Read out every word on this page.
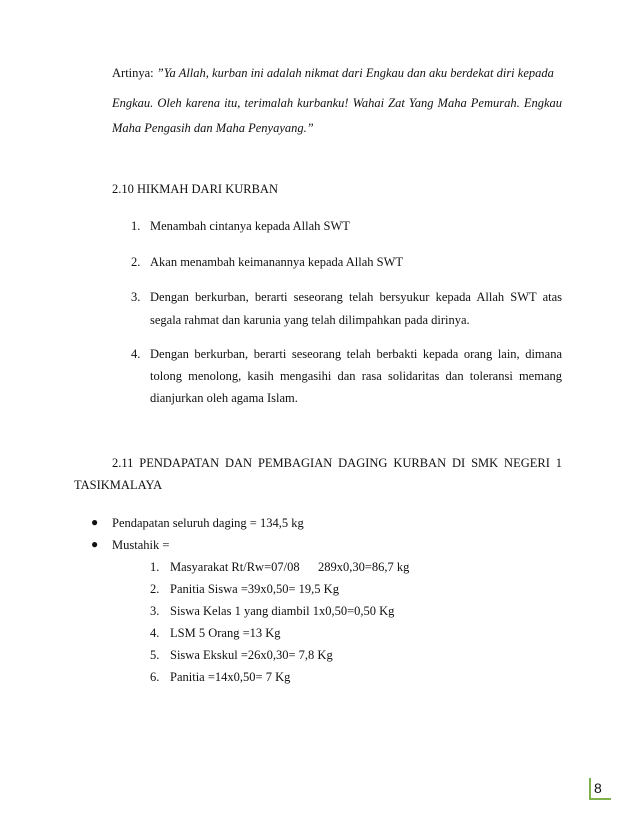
Artinya: ”Ya Allah, kurban ini adalah nikmat dari Engkau dan aku berdekat diri kepada
Engkau. Oleh karena itu, terimalah kurbanku! Wahai Zat Yang Maha Pemurah. Engkau
Maha Pengasih dan Maha Penyayang.”
2.10 HIKMAH DARI KURBAN
1. Menambah cintanya kepada Allah SWT
2. Akan menambah keimanannya kepada Allah SWT
3. Dengan berkurban, berarti seseorang telah bersyukur kepada Allah SWT atas
segala rahmat dan karunia yang telah dilimpahkan pada dirinya.
4. Dengan berkurban, berarti seseorang telah berbakti kepada orang lain, dimana
tolong menolong, kasih mengasihi dan rasa solidaritas dan toleransi memang
dianjurkan oleh agama Islam.
2.11 PENDAPATAN DAN PEMBAGIAN DAGING KURBAN DI SMK NEGERI 1
TASIKMALAYA
● Pendapatan seluruh daging = 134,5 kg
● Mustahik =
1. Masyarakat Rt/Rw=07/08 289x0,30=86,7 kg
2. Panitia Siswa =39x0,50= 19,5 Kg
3. Siswa Kelas 1 yang diambil 1x0,50=0,50 Kg
4. LSM 5 Orang =13 Kg
5. Siswa Ekskul =26x0,30= 7,8 Kg
6. Panitia =14x0,50= 7 Kg
8
